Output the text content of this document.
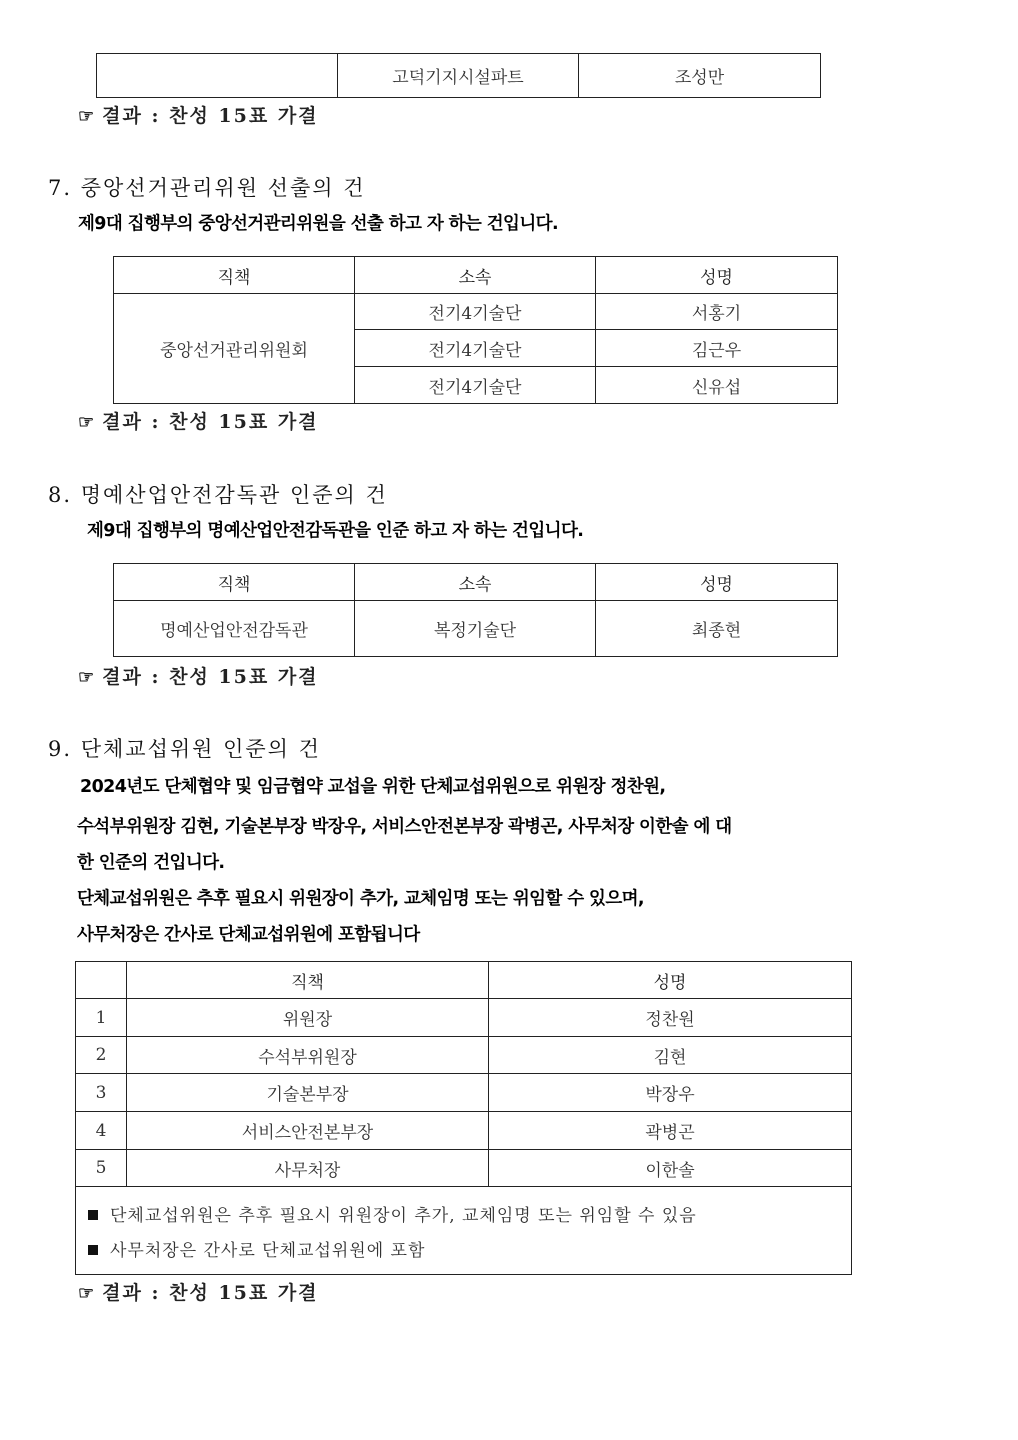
	고덕기지시설파트	조성만
☞ 결과 : 찬성 15표 가결
7. 중앙선거관리위원 선출의 건
제9대 집행부의 중앙선거관리위원을 선출 하고 자 하는 건입니다.
직책	소속	성명
중앙선거관리위원회	전기4기술단	서홍기
	전기4기술단	김근우
	전기4기술단	신유섭
☞ 결과 : 찬성 15표 가결
8. 명예산업안전감독관 인준의 건
제9대 집행부의 명예산업안전감독관을 인준 하고 자 하는 건입니다.
직책	소속	성명
명예산업안전감독관	복정기술단	최종현
☞ 결과 : 찬성 15표 가결
9. 단체교섭위원 인준의 건
2024년도 단체협약 및 임금협약 교섭을 위한 단체교섭위원으로 위원장 정찬원,
수석부위원장 김현, 기술본부장 박장우, 서비스안전본부장 곽병곤, 사무처장 이한솔 에 대
한 인준의 건입니다.
단체교섭위원은 추후 필요시 위원장이 추가, 교체임명 또는 위임할 수 있으며,
사무처장은 간사로 단체교섭위원에 포함됩니다
	직책	성명
1	위원장	정찬원
2	수석부위원장	김현
3	기술본부장	박장우
4	서비스안전본부장	곽병곤
5	사무처장	이한솔

단체교섭위원은 추후 필요시 위원장이 추가, 교체임명 또는 위임할 수 있음
사무처장은 간사로 단체교섭위원에 포함		
☞ 결과 : 찬성 15표 가결
